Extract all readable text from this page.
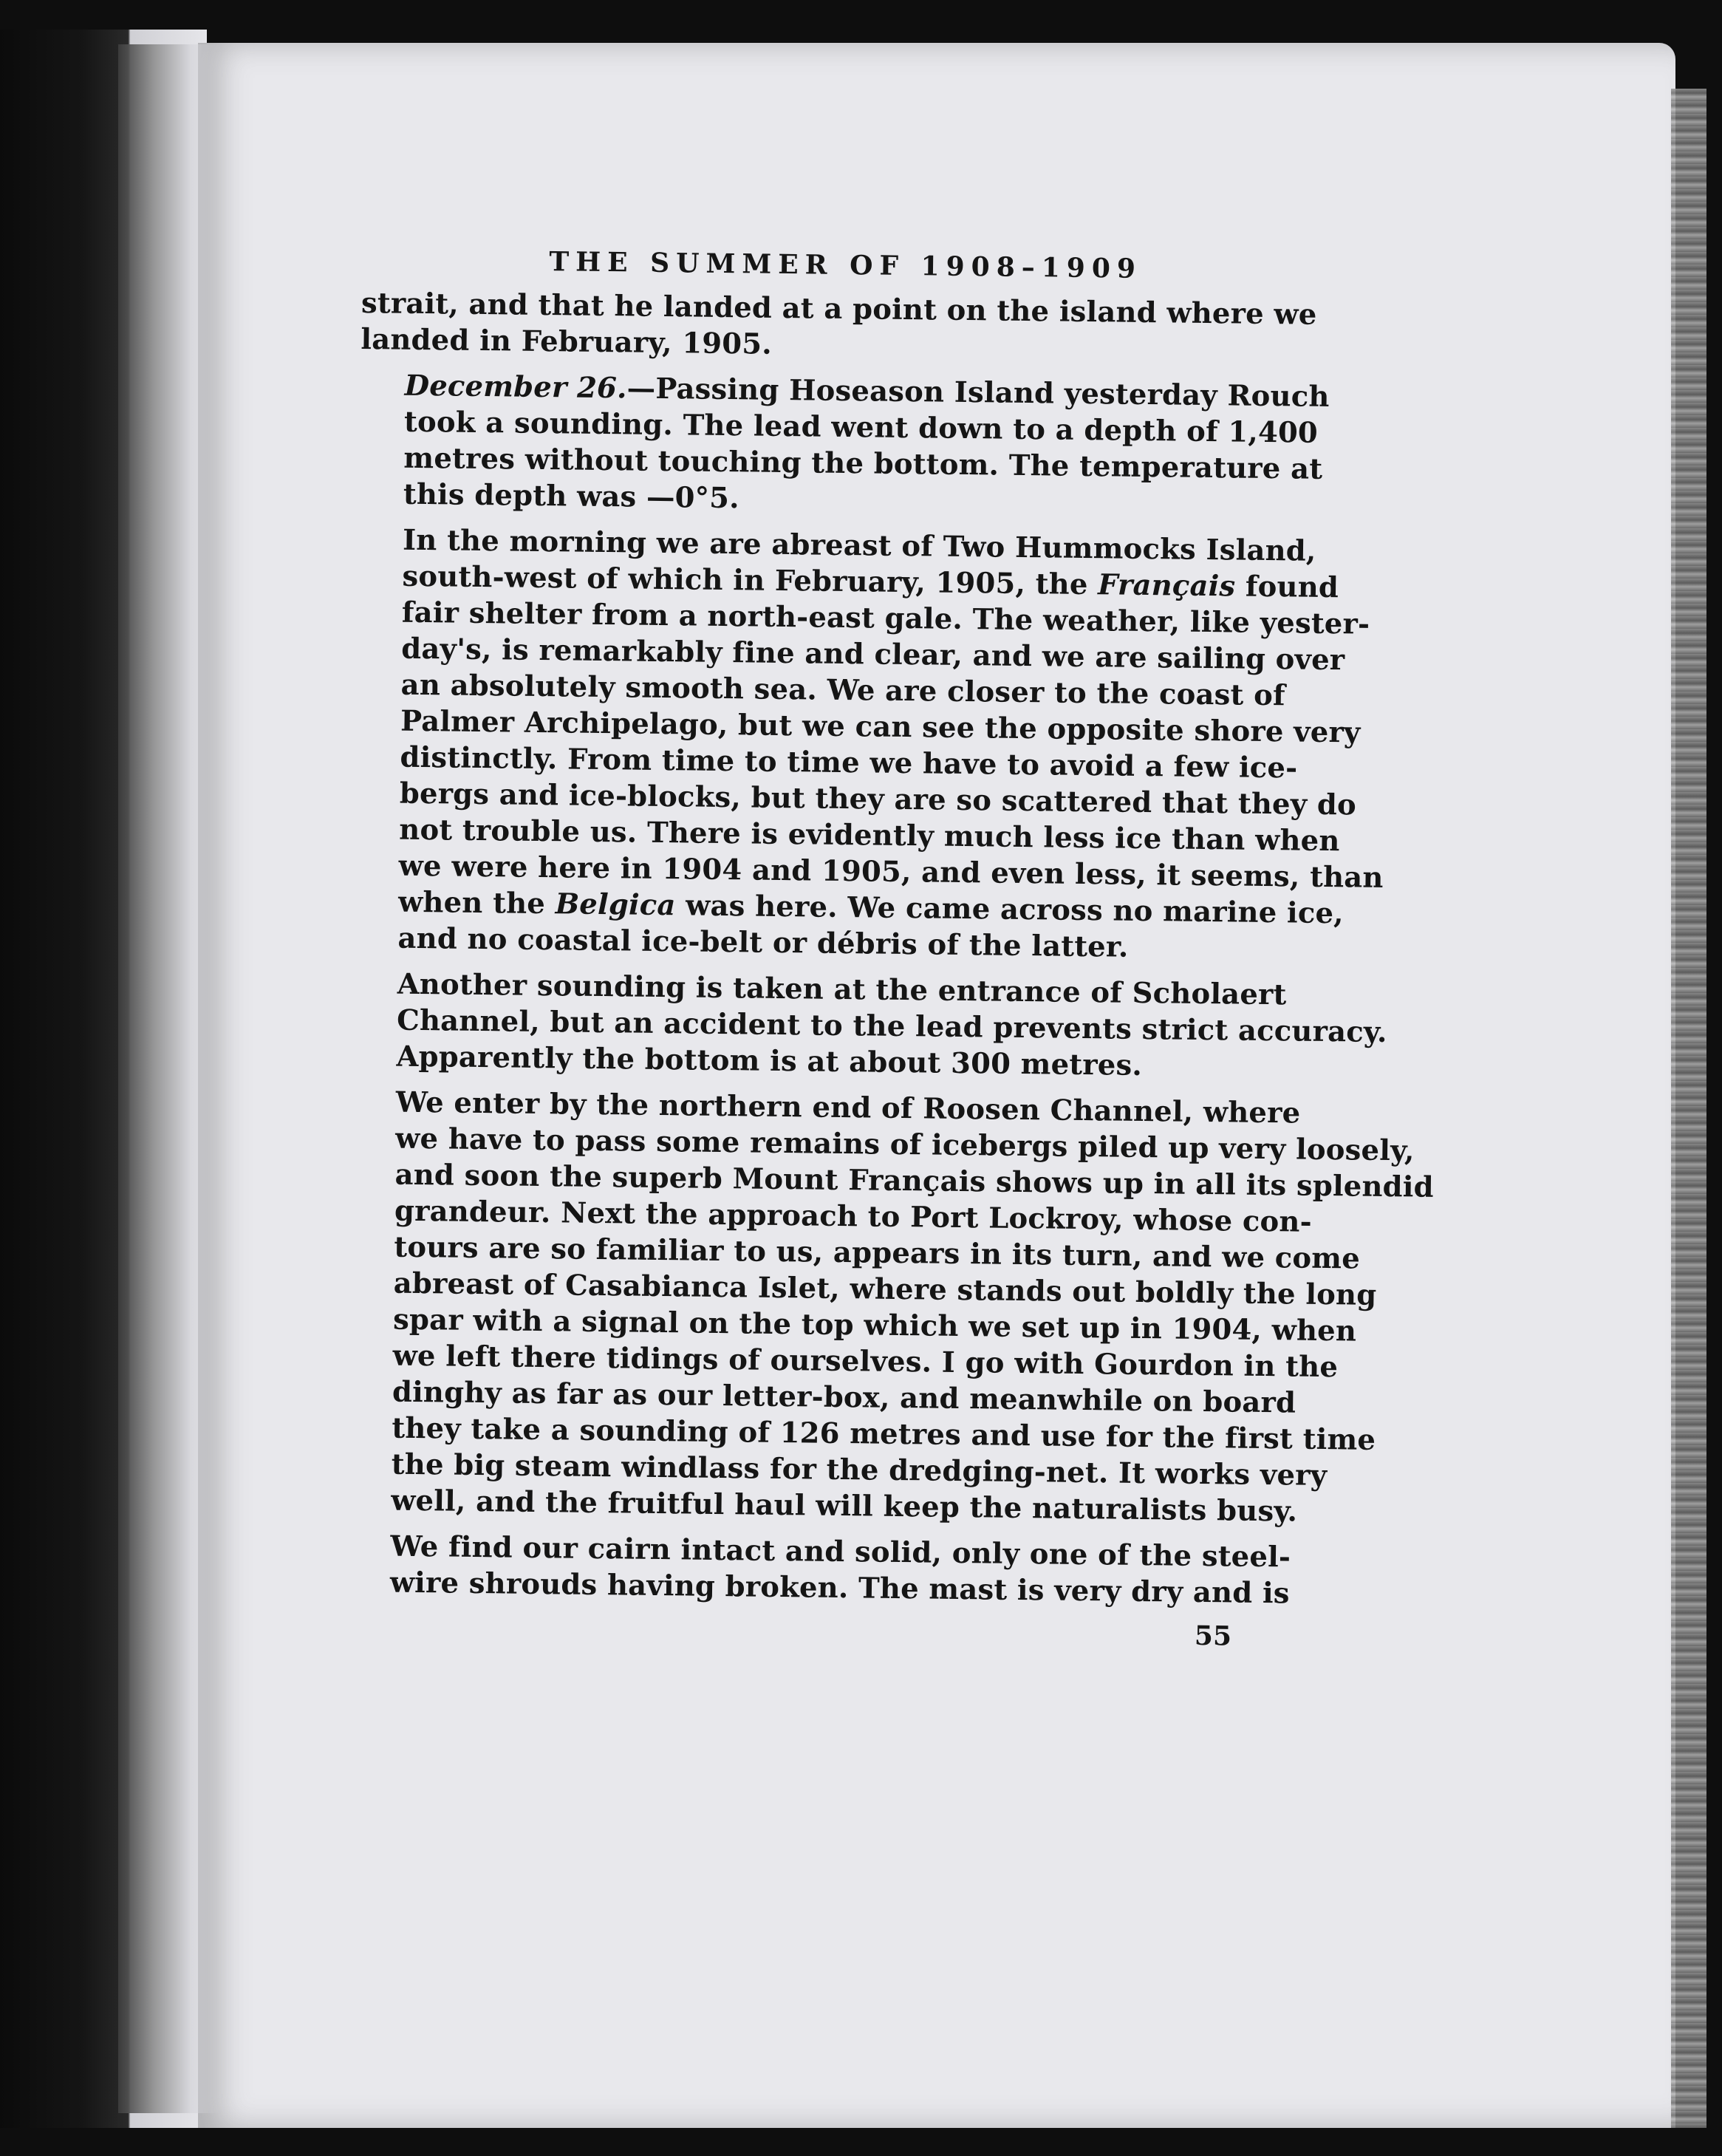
THE SUMMER OF 1908–1909
strait, and that he landed at a point on the island where we
landed in February, 1905.
December 26.—Passing Hoseason Island yesterday Rouch
took a sounding. The lead went down to a depth of 1,400
metres without touching the bottom. The temperature at
this depth was —0°5.
In the morning we are abreast of Two Hummocks Island,
south-west of which in February, 1905, the Français found
fair shelter from a north-east gale. The weather, like yester-
day's, is remarkably fine and clear, and we are sailing over
an absolutely smooth sea. We are closer to the coast of
Palmer Archipelago, but we can see the opposite shore very
distinctly. From time to time we have to avoid a few ice-
bergs and ice-blocks, but they are so scattered that they do
not trouble us. There is evidently much less ice than when
we were here in 1904 and 1905, and even less, it seems, than
when the Belgica was here. We came across no marine ice,
and no coastal ice-belt or débris of the latter.
Another sounding is taken at the entrance of Scholaert
Channel, but an accident to the lead prevents strict accuracy.
Apparently the bottom is at about 300 metres.
We enter by the northern end of Roosen Channel, where
we have to pass some remains of icebergs piled up very loosely,
and soon the superb Mount Français shows up in all its splendid
grandeur. Next the approach to Port Lockroy, whose con-
tours are so familiar to us, appears in its turn, and we come
abreast of Casabianca Islet, where stands out boldly the long
spar with a signal on the top which we set up in 1904, when
we left there tidings of ourselves. I go with Gourdon in the
dinghy as far as our letter-box, and meanwhile on board
they take a sounding of 126 metres and use for the first time
the big steam windlass for the dredging-net. It works very
well, and the fruitful haul will keep the naturalists busy.
We find our cairn intact and solid, only one of the steel-
wire shrouds having broken. The mast is very dry and is
55
